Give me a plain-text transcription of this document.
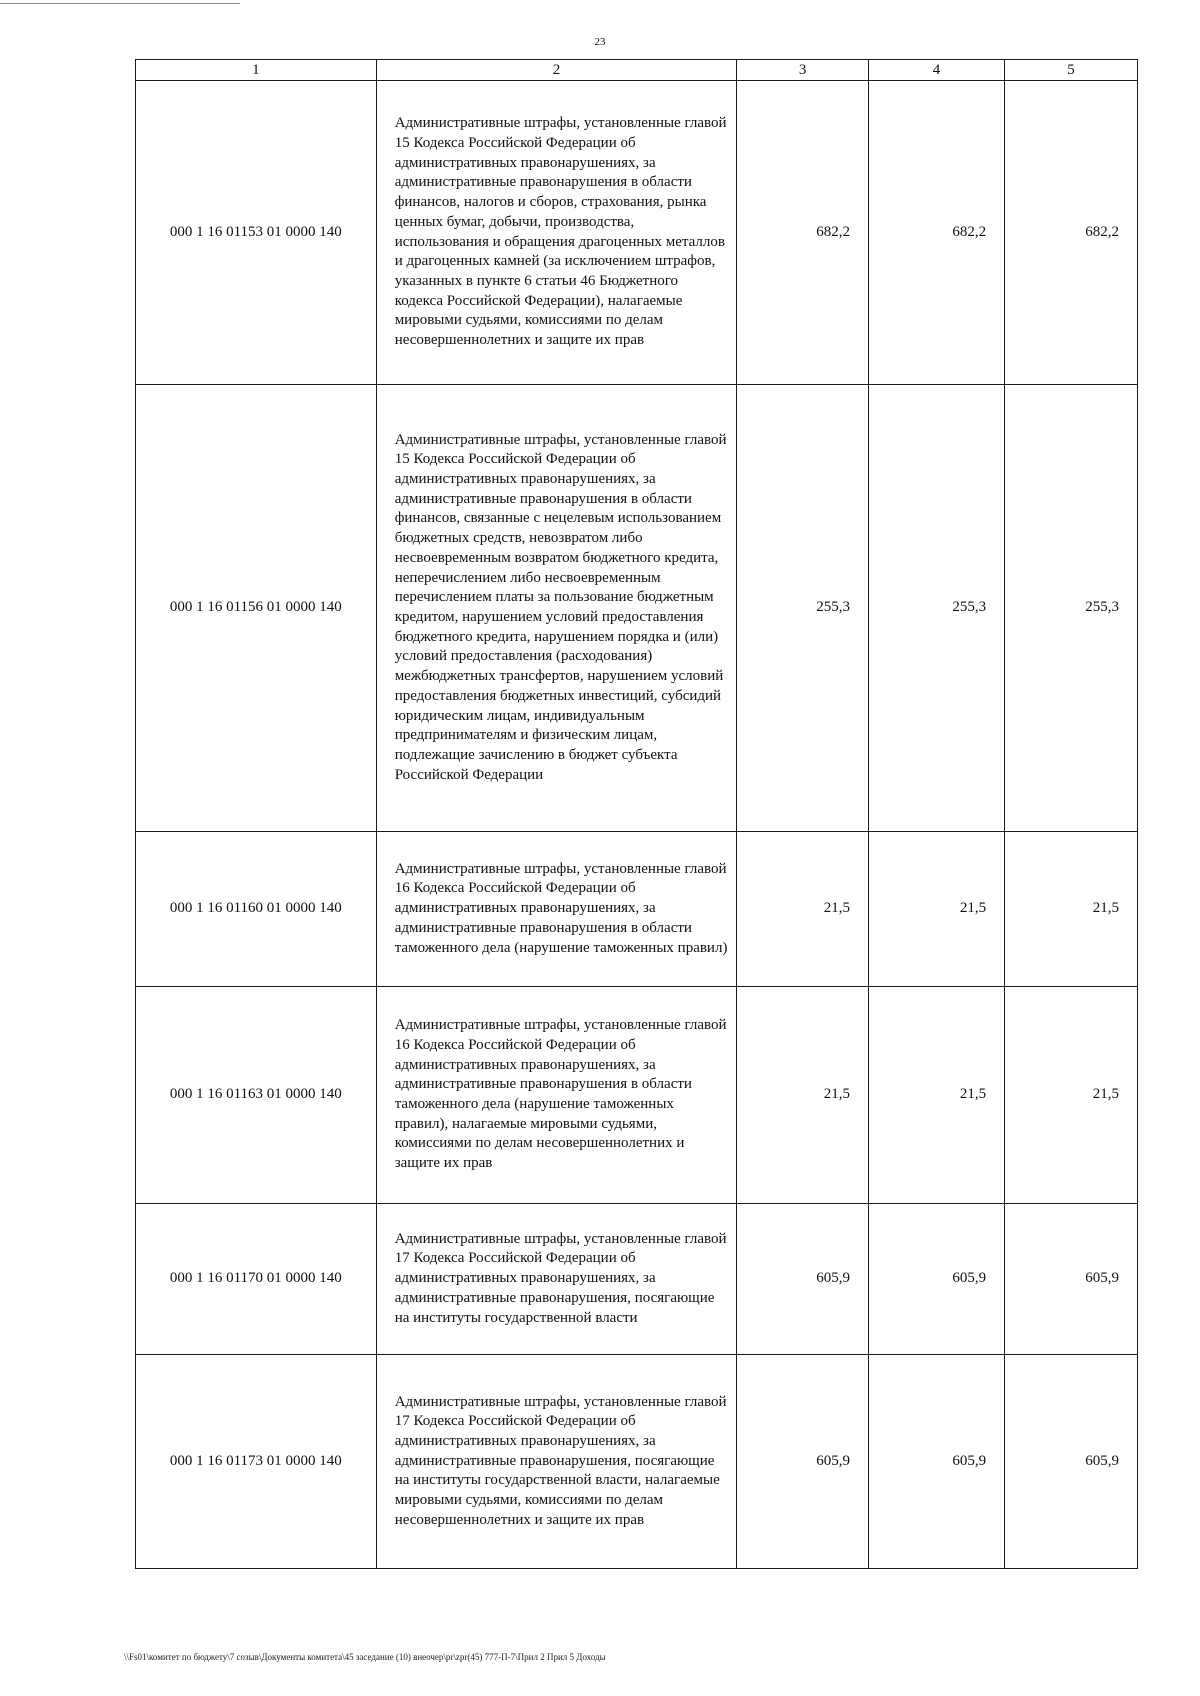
23
1	2	3	4	5
000 1 16 01153 01 0000 140	Административные штрафы, установленные главой 15 Кодекса Российской Федерации об административных правонарушениях, за административные правонарушения в области финансов, налогов и сборов, страхования, рынка ценных бумаг, добычи, производства, использования и обращения драгоценных металлов и драгоценных камней (за исключением штрафов, указанных в пункте 6 статьи 46 Бюджетного кодекса Российской Федерации), налагаемые мировыми судьями, комиссиями по делам несовершеннолетних и защите их прав	682,2	682,2	682,2
000 1 16 01156 01 0000 140	Административные штрафы, установленные главой 15 Кодекса Российской Федерации об административных правонарушениях, за административные правонарушения в области финансов, связанные с нецелевым использованием бюджетных средств, невозвратом либо несвоевременным возвратом бюджетного кредита, неперечислением либо несвоевременным перечислением платы за пользование бюджетным кредитом, нарушением условий предоставления бюджетного кредита, нарушением порядка и (или) условий предоставления (расходования) межбюджетных трансфертов, нарушением условий предоставления бюджетных инвестиций, субсидий юридическим лицам, индивидуальным предпринимателям и физическим лицам, подлежащие зачислению в бюджет субъекта Российской Федерации	255,3	255,3	255,3
000 1 16 01160 01 0000 140	Административные штрафы, установленные главой 16 Кодекса Российской Федерации об административных правонарушениях, за административные правонарушения в области таможенного дела (нарушение таможенных правил)	21,5	21,5	21,5
000 1 16 01163 01 0000 140	Административные штрафы, установленные главой 16 Кодекса Российской Федерации об административных правонарушениях, за административные правонарушения в области таможенного дела (нарушение таможенных правил), налагаемые мировыми судьями, комиссиями по делам несовершеннолетних и защите их прав	21,5	21,5	21,5
000 1 16 01170 01 0000 140	Административные штрафы, установленные главой 17 Кодекса Российской Федерации об административных правонарушениях, за административные правонарушения, посягающие на институты государственной власти	605,9	605,9	605,9
000 1 16 01173 01 0000 140	Административные штрафы, установленные главой 17 Кодекса Российской Федерации об административных правонарушениях, за административные правонарушения, посягающие на институты государственной власти, налагаемые мировыми судьями, комиссиями по делам несовершеннолетних и защите их прав	605,9	605,9	605,9
\\Fs01\комитет по бюджету\7 созыв\Документы комитета\45 заседание (10) внеочер\pr\zpr(45) 777-П-7\Прил 2 Прил 5 Доходы
